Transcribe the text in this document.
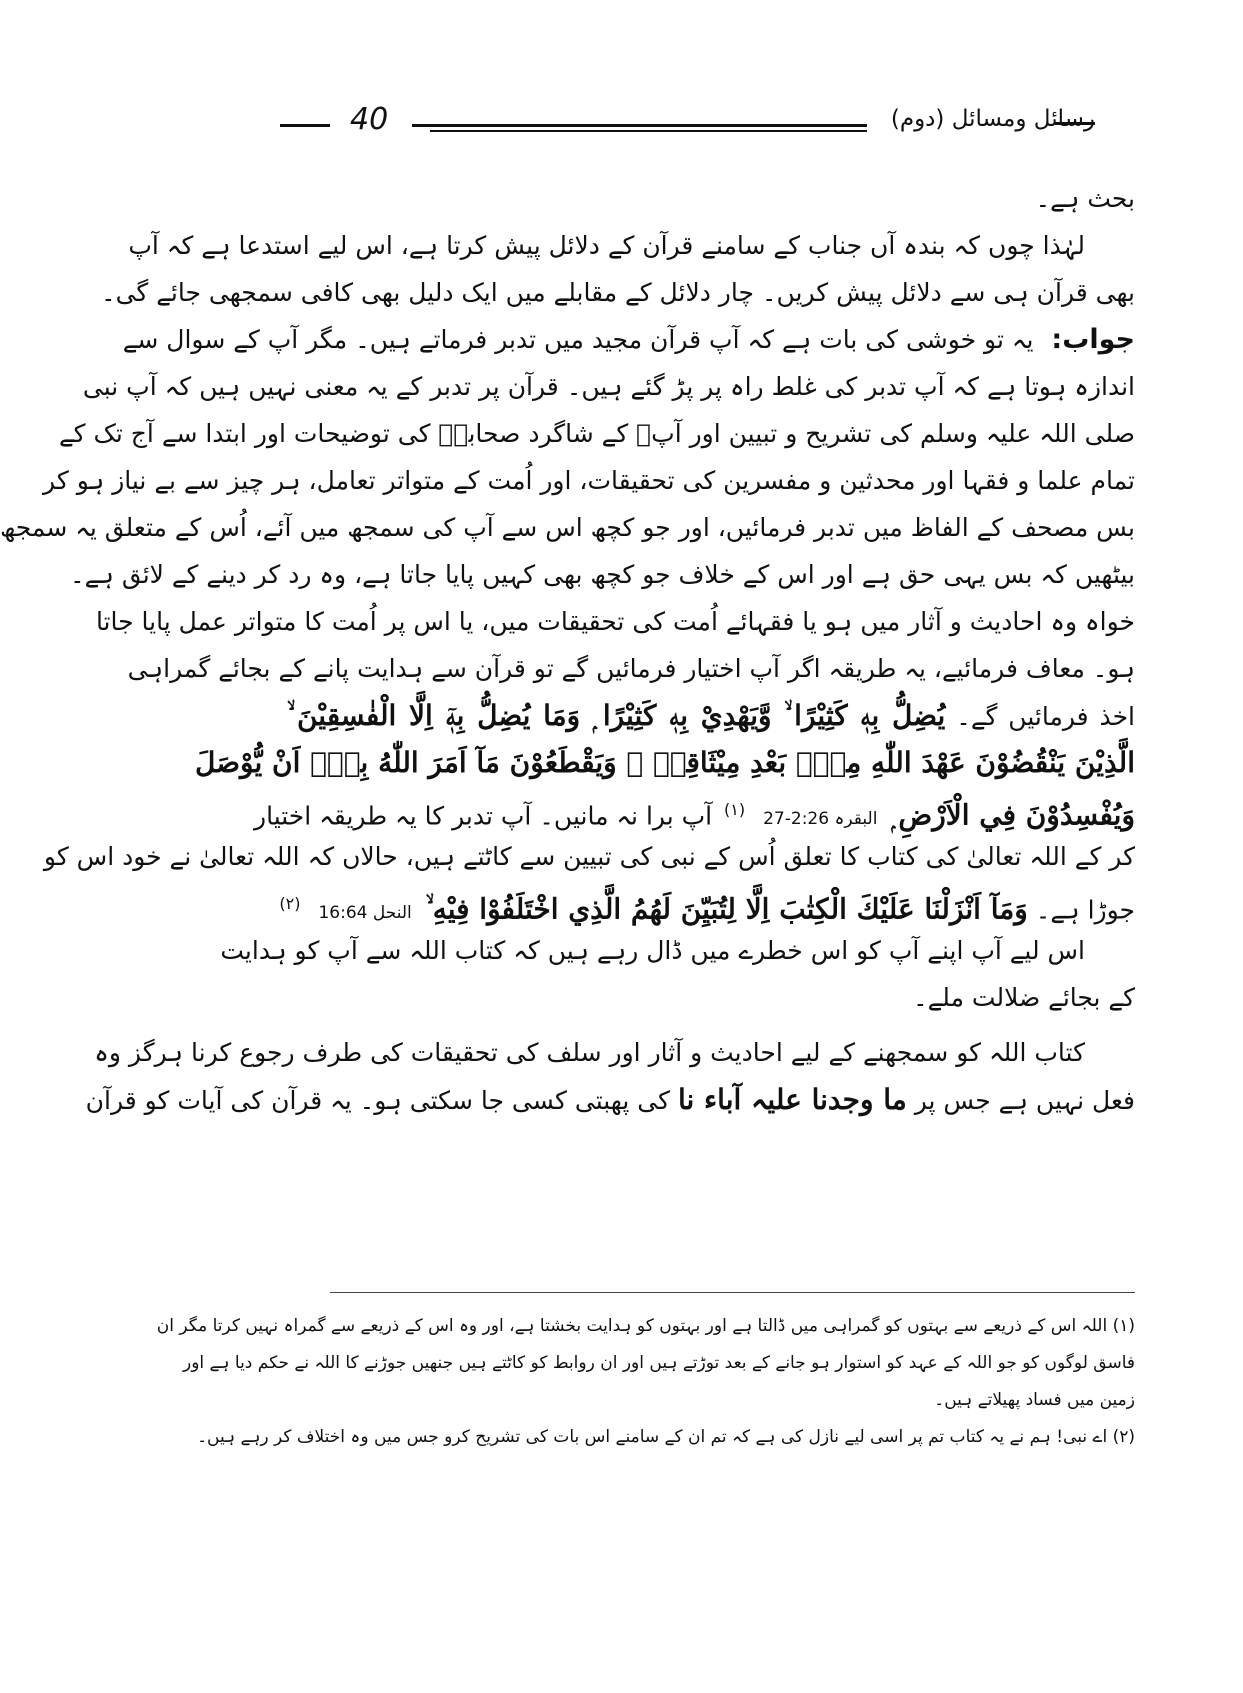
رسائل ومسائل (دوم)
40
بحث ہے۔
لہٰذا چوں کہ بندہ آں جناب کے سامنے قرآن کے دلائل پیش کرتا ہے، اس لیے استدعا ہے کہ آپ
بھی قرآن ہی سے دلائل پیش کریں۔ چار دلائل کے مقابلے میں ایک دلیل بھی کافی سمجھی جائے گی۔
جواب: یہ تو خوشی کی بات ہے کہ آپ قرآن مجید میں تدبر فرماتے ہیں۔ مگر آپ کے سوال سے
اندازہ ہوتا ہے کہ آپ تدبر کی غلط راہ پر پڑ گئے ہیں۔ قرآن پر تدبر کے یہ معنی نہیں ہیں کہ آپ نبی
صلی اللہ علیہ وسلم کی تشریح و تبیین اور آپؐ کے شاگرد صحابہؓ کی توضیحات اور ابتدا سے آج تک کے
تمام علما و فقہا اور محدثین و مفسرین کی تحقیقات، اور اُمت کے متواتر تعامل، ہر چیز سے بے نیاز ہو کر
بس مصحف کے الفاظ میں تدبر فرمائیں، اور جو کچھ اس سے آپ کی سمجھ میں آئے، اُس کے متعلق یہ سمجھ
بیٹھیں کہ بس یہی حق ہے اور اس کے خلاف جو کچھ بھی کہیں پایا جاتا ہے، وہ رد کر دینے کے لائق ہے۔
خواہ وہ احادیث و آثار میں ہو یا فقہائے اُمت کی تحقیقات میں، یا اس پر اُمت کا متواتر عمل پایا جاتا
ہو۔ معاف فرمائیے، یہ طریقہ اگر آپ اختیار فرمائیں گے تو قرآن سے ہدایت پانے کے بجائے گمراہی
اخذ فرمائیں گے۔ يُضِلُّ بِهٖ كَثِيْرًا ۙ وَّيَهْدِيْ بِهٖ كَثِيْرًا ۭ وَمَا يُضِلُّ بِهٖٓ اِلَّا الْفٰسِقِيْنَ ۙ
الَّذِيْنَ يَنْقُضُوْنَ عَهْدَ اللّٰهِ مِنْۢ بَعْدِ مِيْثَاقِهٖ ۠ وَيَقْطَعُوْنَ مَآ اَمَرَ اللّٰهُ بِهٖٓ اَنْ يُّوْصَلَ
وَيُفْسِدُوْنَ فِي الْاَرْضِ ۭ البقرہ 2:26-27 $^{(١)}$ آپ برا نہ مانیں۔ آپ تدبر کا یہ طریقہ اختیار
کر کے اللہ تعالیٰ کی کتاب کا تعلق اُس کے نبی کی تبیین سے کاٹتے ہیں، حالاں کہ اللہ تعالیٰ نے خود اس کو
جوڑا ہے۔ وَمَآ اَنْزَلْنَا عَلَيْكَ الْكِتٰبَ اِلَّا لِتُبَيِّنَ لَهُمُ الَّذِي اخْتَلَفُوْا فِيْهِ ۙ النحل 16:64 $^{(٢)}$
اس لیے آپ اپنے آپ کو اس خطرے میں ڈال رہے ہیں کہ کتاب اللہ سے آپ کو ہدایت
کے بجائے ضلالت ملے۔
کتاب اللہ کو سمجھنے کے لیے احادیث و آثار اور سلف کی تحقیقات کی طرف رجوع کرنا ہرگز وہ
فعل نہیں ہے جس پر ما وجدنا علیہ آباء نا کی پھبتی کسی جا سکتی ہو۔ یہ قرآن کی آیات کو قرآن
(١) اللہ اس کے ذریعے سے بہتوں کو گمراہی میں ڈالتا ہے اور بہتوں کو ہدایت بخشتا ہے، اور وہ اس کے ذریعے سے گمراہ نہیں کرتا مگر ان
فاسق لوگوں کو جو اللہ کے عہد کو استوار ہو جانے کے بعد توڑتے ہیں اور ان روابط کو کاٹتے ہیں جنھیں جوڑنے کا اللہ نے حکم دیا ہے اور
زمین میں فساد پھیلاتے ہیں۔
(٢) اے نبی! ہم نے یہ کتاب تم پر اسی لیے نازل کی ہے کہ تم ان کے سامنے اس بات کی تشریح کرو جس میں وہ اختلاف کر رہے ہیں۔
